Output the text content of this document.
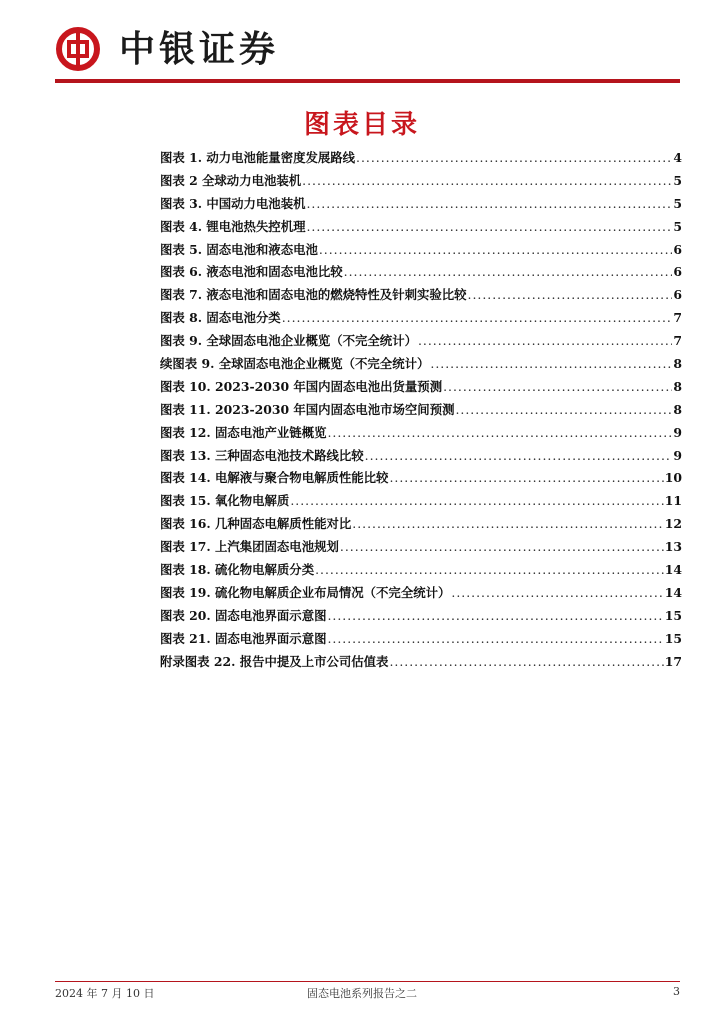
中银证券
图表目录
图表 1. 动力电池能量密度发展路线 .....	4
图表 2 全球动力电池装机 .....	5
图表 3. 中国动力电池装机 .....	5
图表 4. 锂电池热失控机理 .....	5
图表 5. 固态电池和液态电池 .....	6
图表 6. 液态电池和固态电池比较 .....	6
图表 7. 液态电池和固态电池的燃烧特性及针刺实验比较 .....	6
图表 8. 固态电池分类 .....	7
图表 9. 全球固态电池企业概览（不完全统计） .....	7
续图表 9. 全球固态电池企业概览（不完全统计） .....	8
图表 10. 2023-2030 年国内固态电池出货量预测 .....	8
图表 11. 2023-2030 年国内固态电池市场空间预测 .....	8
图表 12. 固态电池产业链概览 .....	9
图表 13. 三种固态电池技术路线比较 .....	9
图表 14. 电解液与聚合物电解质性能比较 .....	10
图表 15. 氧化物电解质 .....	11
图表 16. 几种固态电解质性能对比 .....	12
图表 17. 上汽集团固态电池规划 .....	13
图表 18. 硫化物电解质分类 .....	14
图表 19. 硫化物电解质企业布局情况（不完全统计） .....	14
图表 20. 固态电池界面示意图 .....	15
图表 21. 固态电池界面示意图 .....	15
附录图表 22. 报告中提及上市公司估值表 .....	17
2024 年 7 月 10 日	固态电池系列报告之二	3
